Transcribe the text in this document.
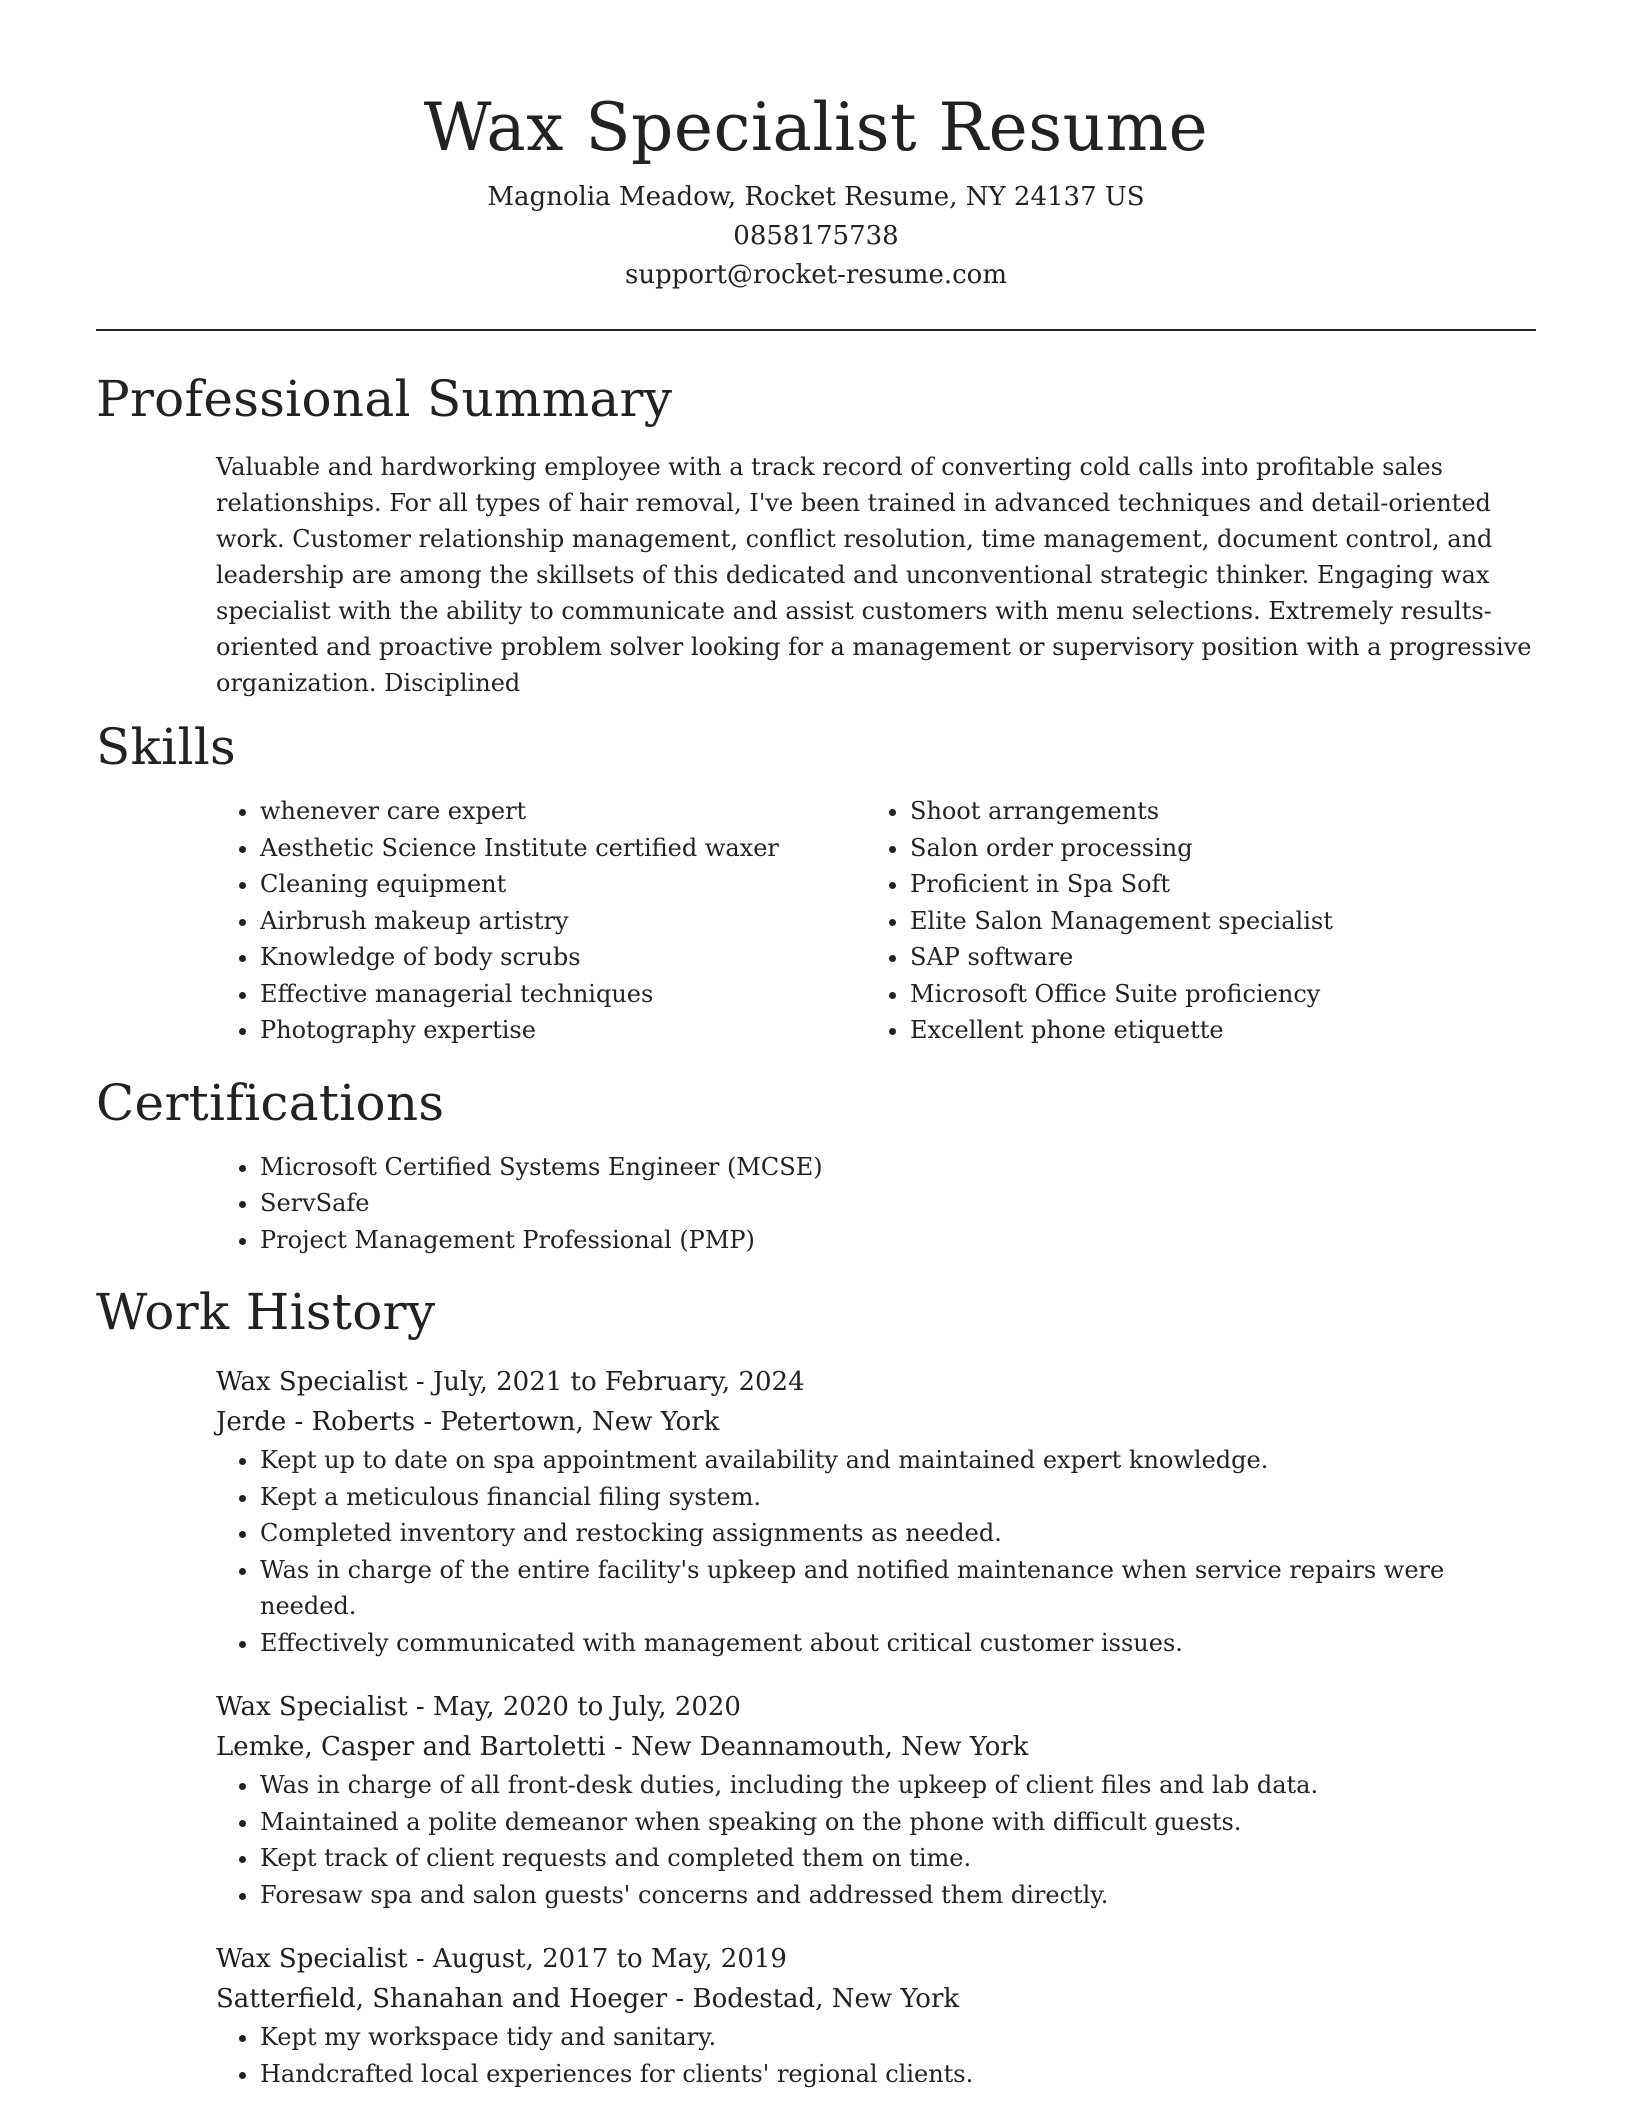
Wax Specialist Resume
Magnolia Meadow, Rocket Resume, NY 24137 US
0858175738
support@rocket-resume.com
Professional Summary
Valuable and hardworking employee with a track record of converting cold calls into profitable sales relationships. For all types of hair removal, I've been trained in advanced techniques and detail-oriented work. Customer relationship management, conflict resolution, time management, document control, and leadership are among the skillsets of this dedicated and unconventional strategic thinker. Engaging wax specialist with the ability to communicate and assist customers with menu selections. Extremely results-oriented and proactive problem solver looking for a management or supervisory position with a progressive organization. Disciplined
Skills
• whenever care expert
• Aesthetic Science Institute certified waxer
• Cleaning equipment
• Airbrush makeup artistry
• Knowledge of body scrubs
• Effective managerial techniques
• Photography expertise
• Shoot arrangements
• Salon order processing
• Proficient in Spa Soft
• Elite Salon Management specialist
• SAP software
• Microsoft Office Suite proficiency
• Excellent phone etiquette
Certifications
• Microsoft Certified Systems Engineer (MCSE)
• ServSafe
• Project Management Professional (PMP)
Work History
Wax Specialist - July, 2021 to February, 2024
Jerde - Roberts - Petertown, New York
• Kept up to date on spa appointment availability and maintained expert knowledge.
• Kept a meticulous financial filing system.
• Completed inventory and restocking assignments as needed.
• Was in charge of the entire facility's upkeep and notified maintenance when service repairs were needed.
• Effectively communicated with management about critical customer issues.
Wax Specialist - May, 2020 to July, 2020
Lemke, Casper and Bartoletti - New Deannamouth, New York
• Was in charge of all front-desk duties, including the upkeep of client files and lab data.
• Maintained a polite demeanor when speaking on the phone with difficult guests.
• Kept track of client requests and completed them on time.
• Foresaw spa and salon guests' concerns and addressed them directly.
Wax Specialist - August, 2017 to May, 2019
Satterfield, Shanahan and Hoeger - Bodestad, New York
• Kept my workspace tidy and sanitary.
• Handcrafted local experiences for clients' regional clients.
